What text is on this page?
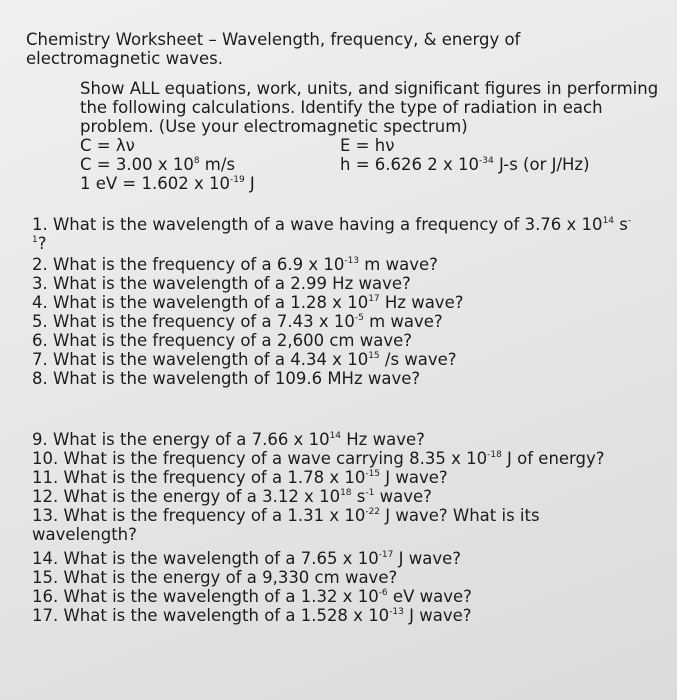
Chemistry Worksheet – Wavelength, frequency, & energy of electromagnetic waves.
Show ALL equations, work, units, and significant figures in performing the following calculations. Identify the type of radiation in each problem. (Use your electromagnetic spectrum)
C = λν	E = hν
C = 3.00 x $10^8$ m/s	h = 6.626 2 x $10^{-34}$ J-s (or J/Hz)
1 eV = 1.602 x $10^{-19}$ J
1. What is the wavelength of a wave having a frequency of 3.76 x $10^{14}$ $s^{-1}$?
2. What is the frequency of a 6.9 x $10^{-13}$ m wave?
3. What is the wavelength of a 2.99 Hz wave?
4. What is the wavelength of a 1.28 x $10^{17}$ Hz wave?
5. What is the frequency of a 7.43 x $10^{-5}$ m wave?
6. What is the frequency of a 2,600 cm wave?
7. What is the wavelength of a 4.34 x $10^{15}$ /s wave?
8. What is the wavelength of 109.6 MHz wave?
9. What is the energy of a 7.66 x $10^{14}$ Hz wave?
10. What is the frequency of a wave carrying 8.35 x $10^{-18}$ J of energy?
11. What is the frequency of a 1.78 x $10^{-15}$ J wave?
12. What is the energy of a 3.12 x $10^{18}$ $s^{-1}$ wave?
13. What is the frequency of a 1.31 x $10^{-22}$ J wave? What is its wavelength?
14. What is the wavelength of a 7.65 x $10^{-17}$ J wave?
15. What is the energy of a 9,330 cm wave?
16. What is the wavelength of a 1.32 x $10^{-6}$ eV wave?
17. What is the wavelength of a 1.528 x $10^{-13}$ J wave?
